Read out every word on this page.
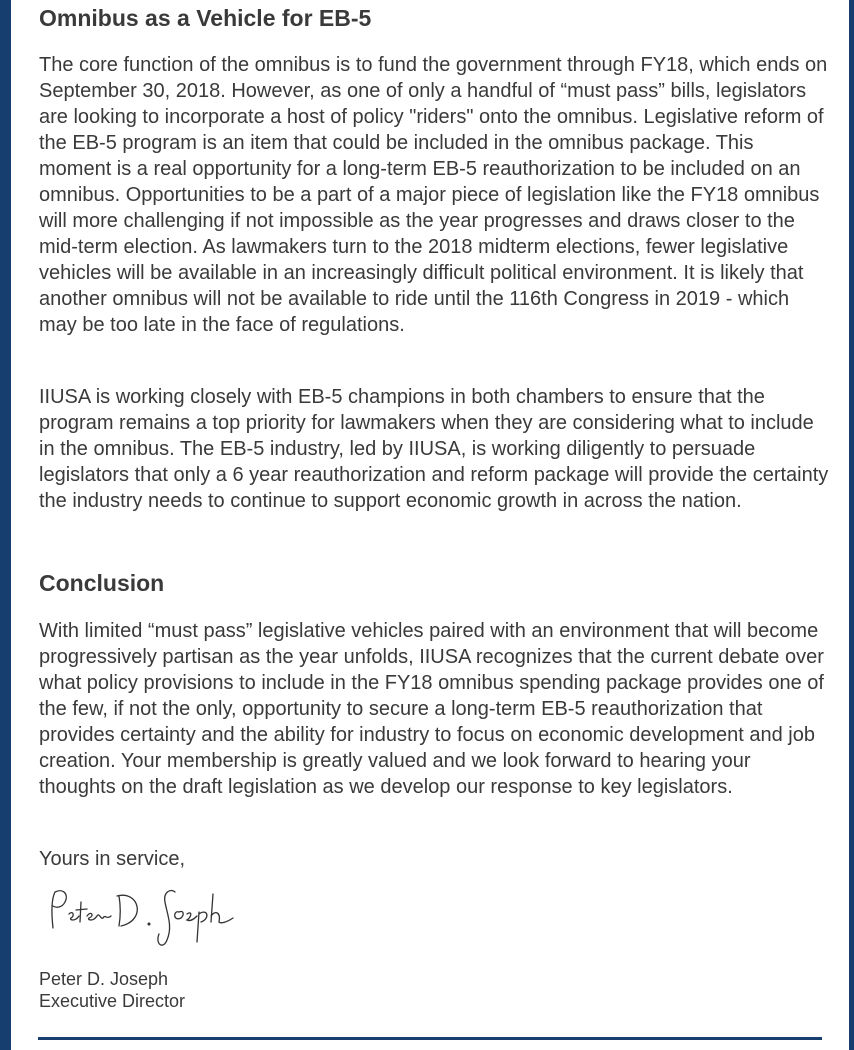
Omnibus as a Vehicle for EB-5

The core function of the omnibus is to fund the government through FY18, which ends on September 30, 2018. However, as one of only a handful of “must pass” bills, legislators are looking to incorporate a host of policy "riders" onto the omnibus. Legislative reform of the EB-5 program is an item that could be included in the omnibus package. This moment is a real opportunity for a long-term EB-5 reauthorization to be included on an omnibus. Opportunities to be a part of a major piece of legislation like the FY18 omnibus will more challenging if not impossible as the year progresses and draws closer to the mid-term election. As lawmakers turn to the 2018 midterm elections, fewer legislative vehicles will be available in an increasingly difficult political environment. It is likely that another omnibus will not be available to ride until the 116th Congress in 2019 - which may be too late in the face of regulations.

IIUSA is working closely with EB-5 champions in both chambers to ensure that the program remains a top priority for lawmakers when they are considering what to include in the omnibus. The EB-5 industry, led by IIUSA, is working diligently to persuade legislators that only a 6 year reauthorization and reform package will provide the certainty the industry needs to continue to support economic growth in across the nation.

Conclusion

With limited “must pass” legislative vehicles paired with an environment that will become progressively partisan as the year unfolds, IIUSA recognizes that the current debate over what policy provisions to include in the FY18 omnibus spending package provides one of the few, if not the only, opportunity to secure a long-term EB-5 reauthorization that provides certainty and the ability for industry to focus on economic development and job creation. Your membership is greatly valued and we look forward to hearing your thoughts on the draft legislation as we develop our response to key legislators.

Yours in service,

Peter D. Joseph
Executive Director
